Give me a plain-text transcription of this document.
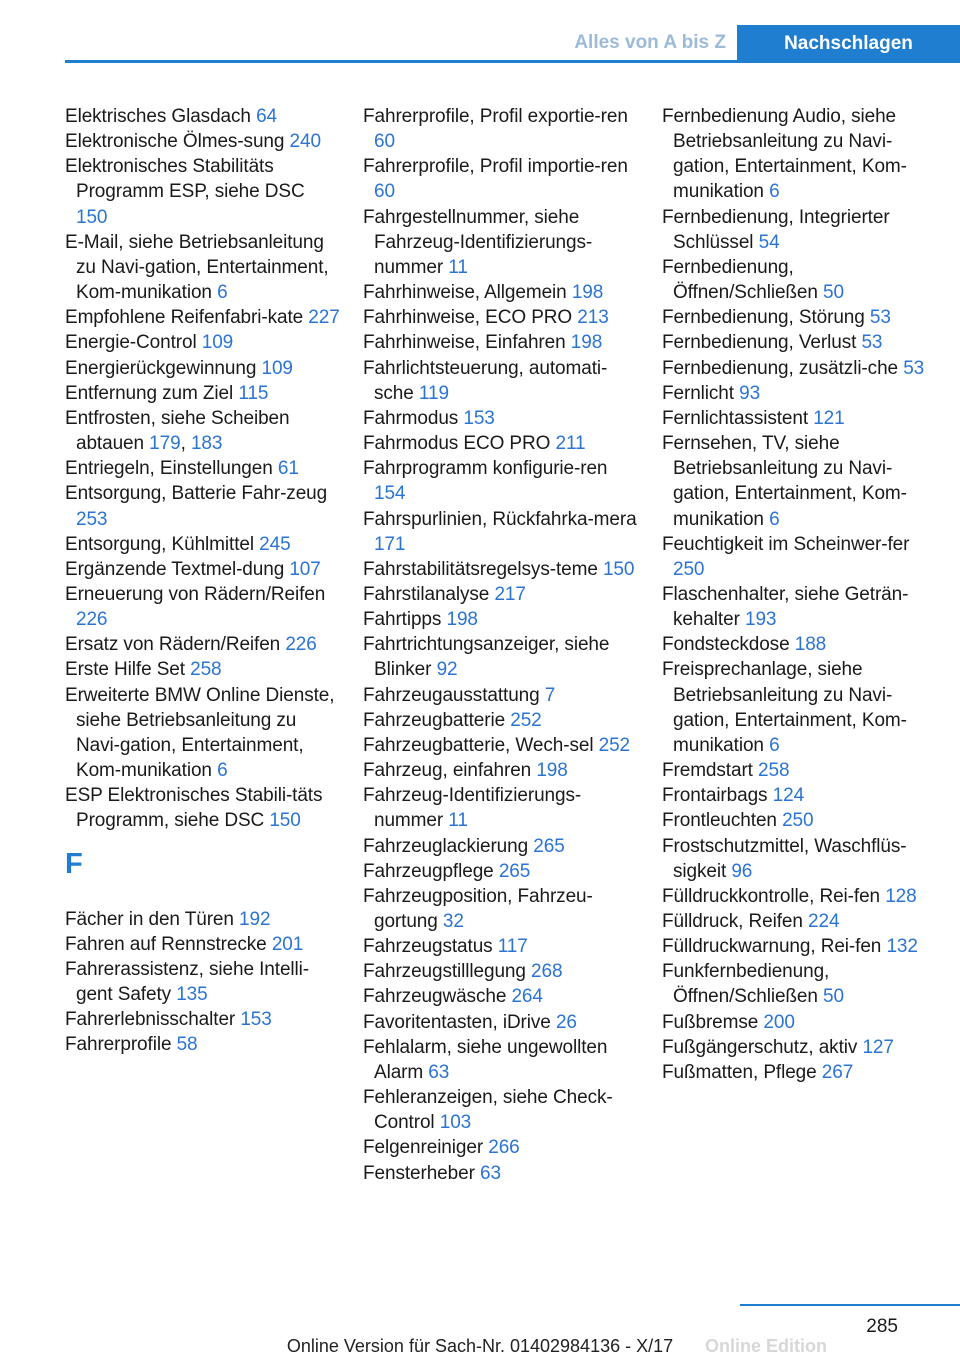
Alles von A bis Z	Nachschlagen
Elektrisches Glasdach 64
Elektronische Ölmes-sung 240
Elektronisches Stabilitäts Programm ESP, siehe DSC 150
E-Mail, siehe Betriebsanleitung zu Navi-gation, Entertainment, Kom-munikation 6
Empfohlene Reifenfabri-kate 227
Energie-Control 109
Energierückgewinnung 109
Entfernung zum Ziel 115
Entfrosten, siehe Scheiben abtauen 179, 183
Entriegeln, Einstellungen 61
Entsorgung, Batterie Fahr-zeug 253
Entsorgung, Kühlmittel 245
Ergänzende Textmel-dung 107
Erneuerung von Rädern/Reifen 226
Ersatz von Rädern/Reifen 226
Erste Hilfe Set 258
Erweiterte BMW Online Dienste, siehe Betriebsanleitung zu Navi-gation, Entertainment, Kom-munikation 6
ESP Elektronisches Stabili-täts Programm, siehe DSC 150
F
Fächer in den Türen 192
Fahren auf Rennstrecke 201
Fahrerassistenz, siehe Intelli-gent Safety 135
Fahrerlebnisschalter 153
Fahrerprofile 58
Fahrerprofile, Profil exportie-ren 60
Fahrerprofile, Profil importie-ren 60
Fahrgestellnummer, siehe Fahrzeug-Identifizierungs-nummer 11
Fahrhinweise, Allgemein 198
Fahrhinweise, ECO PRO 213
Fahrhinweise, Einfahren 198
Fahrlichtsteuerung, automati-sche 119
Fahrmodus 153
Fahrmodus ECO PRO 211
Fahrprogramm konfigurie-ren 154
Fahrspurlinien, Rückfahrka-mera 171
Fahrstabilitätsregelsys-teme 150
Fahrstilanalyse 217
Fahrtipps 198
Fahrtrichtungsanzeiger, siehe Blinker 92
Fahrzeugausstattung 7
Fahrzeugbatterie 252
Fahrzeugbatterie, Wech-sel 252
Fahrzeug, einfahren 198
Fahrzeug-Identifizierungs-nummer 11
Fahrzeuglackierung 265
Fahrzeugpflege 265
Fahrzeugposition, Fahrzeu-gortung 32
Fahrzeugstatus 117
Fahrzeugstilllegung 268
Fahrzeugwäsche 264
Favoritentasten, iDrive 26
Fehlalarm, siehe ungewollten Alarm 63
Fehleranzeigen, siehe Check-Control 103
Felgenreiniger 266
Fensterheber 63
Fernbedienung Audio, siehe Betriebsanleitung zu Navi-gation, Entertainment, Kom-munikation 6
Fernbedienung, Integrierter Schlüssel 54
Fernbedienung, Öffnen/Schließen 50
Fernbedienung, Störung 53
Fernbedienung, Verlust 53
Fernbedienung, zusätzli-che 53
Fernlicht 93
Fernlichtassistent 121
Fernsehen, TV, siehe Betriebsanleitung zu Navi-gation, Entertainment, Kom-munikation 6
Feuchtigkeit im Scheinwer-fer 250
Flaschenhalter, siehe Geträn-kehalter 193
Fondsteckdose 188
Freisprechanlage, siehe Betriebsanleitung zu Navi-gation, Entertainment, Kom-munikation 6
Fremdstart 258
Frontairbags 124
Frontleuchten 250
Frostschutzmittel, Waschflüs-sigkeit 96
Fülldruckkontrolle, Rei-fen 128
Fülldruck, Reifen 224
Fülldruckwarnung, Rei-fen 132
Funkfernbedienung, Öffnen/Schließen 50
Fußbremse 200
Fußgängerschutz, aktiv 127
Fußmatten, Pflege 267
285
Online Version für Sach-Nr. 01402984136 - X/17	Online Edition
